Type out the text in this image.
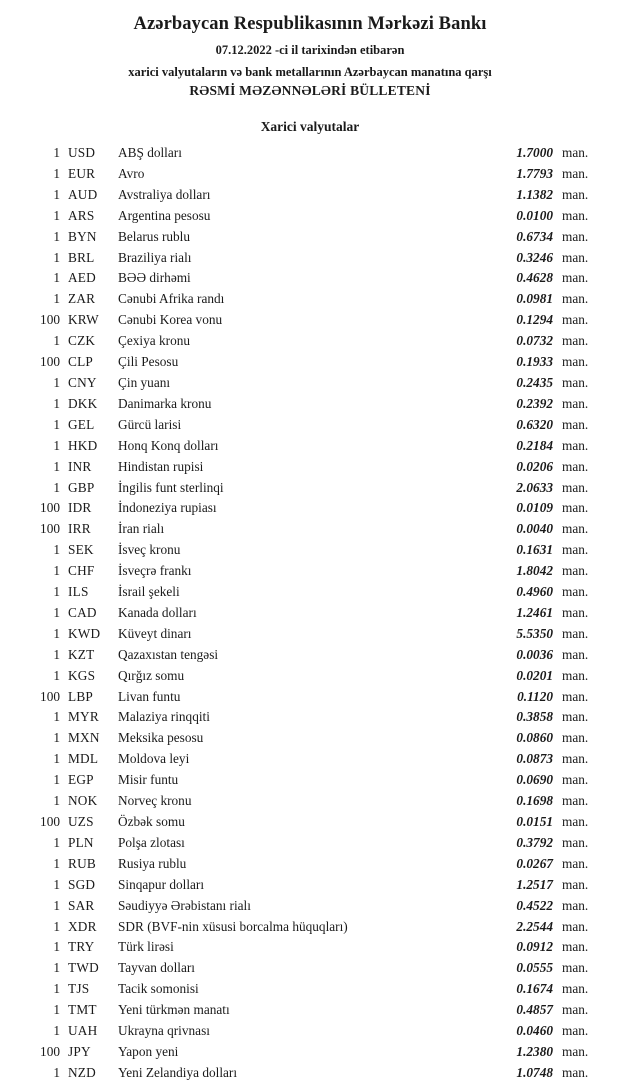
Azərbaycan Respublikasının Mərkəzi Bankı
07.12.2022 -ci il tarixindən etibarən
xarici valyutaların və bank metallarının Azərbaycan manatına qarşı
RƏSMİ MƏZƏNNƏLƏRİ BÜLLETENİ
Xarici valyutalar
1	USD	ABŞ dolları	1.7000	man.
1	EUR	Avro	1.7793	man.
1	AUD	Avstraliya dolları	1.1382	man.
1	ARS	Argentina pesosu	0.0100	man.
1	BYN	Belarus rublu	0.6734	man.
1	BRL	Braziliya rialı	0.3246	man.
1	AED	BƏƏ dirhəmi	0.4628	man.
1	ZAR	Cənubi Afrika randı	0.0981	man.
100	KRW	Cənubi Korea vonu	0.1294	man.
1	CZK	Çexiya kronu	0.0732	man.
100	CLP	Çili Pesosu	0.1933	man.
1	CNY	Çin yuanı	0.2435	man.
1	DKK	Danimarka kronu	0.2392	man.
1	GEL	Gürcü larisi	0.6320	man.
1	HKD	Honq Konq dolları	0.2184	man.
1	INR	Hindistan rupisi	0.0206	man.
1	GBP	İngilis funt sterlinqi	2.0633	man.
100	IDR	İndoneziya rupiası	0.0109	man.
100	IRR	İran rialı	0.0040	man.
1	SEK	İsveç kronu	0.1631	man.
1	CHF	İsveçrə frankı	1.8042	man.
1	ILS	İsrail şekeli	0.4960	man.
1	CAD	Kanada dolları	1.2461	man.
1	KWD	Küveyt dinarı	5.5350	man.
1	KZT	Qazaxıstan tengəsi	0.0036	man.
1	KGS	Qırğız somu	0.0201	man.
100	LBP	Livan funtu	0.1120	man.
1	MYR	Malaziya rinqqiti	0.3858	man.
1	MXN	Meksika pesosu	0.0860	man.
1	MDL	Moldova leyi	0.0873	man.
1	EGP	Misir funtu	0.0690	man.
1	NOK	Norveç kronu	0.1698	man.
100	UZS	Özbək somu	0.0151	man.
1	PLN	Polşa zlotası	0.3792	man.
1	RUB	Rusiya rublu	0.0267	man.
1	SGD	Sinqapur dolları	1.2517	man.
1	SAR	Səudiyyə Ərəbistanı rialı	0.4522	man.
1	XDR	SDR (BVF-nin xüsusi borcalma hüquqları)	2.2544	man.
1	TRY	Türk lirəsi	0.0912	man.
1	TWD	Tayvan dolları	0.0555	man.
1	TJS	Tacik somonisi	0.1674	man.
1	TMT	Yeni türkmən manatı	0.4857	man.
1	UAH	Ukrayna qrivnası	0.0460	man.
100	JPY	Yapon yeni	1.2380	man.
1	NZD	Yeni Zelandiya dolları	1.0748	man.
